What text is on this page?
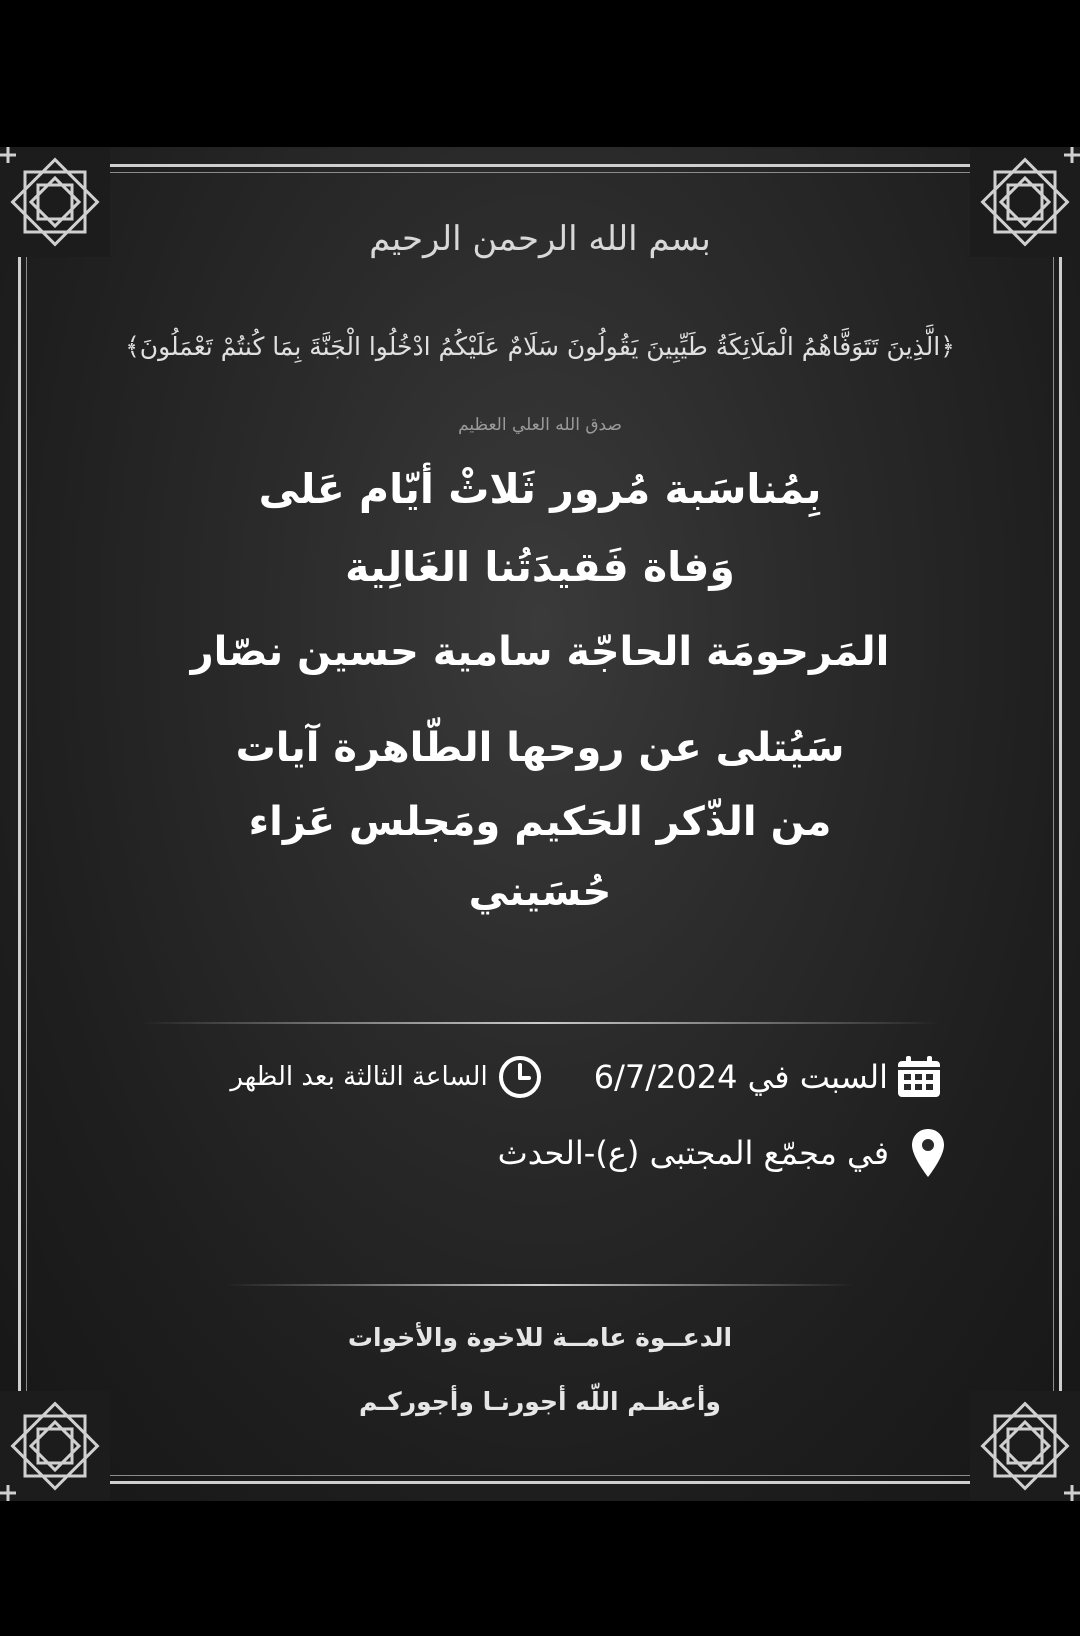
بسم الله الرحمن الرحيم
﴿الَّذِينَ تَتَوَفَّاهُمُ الْمَلَائِكَةُ طَيِّبِينَ يَقُولُونَ سَلَامٌ عَلَيْكُمُ ادْخُلُوا الْجَنَّةَ بِمَا كُنتُمْ تَعْمَلُونَ﴾
صدق الله العلي العظيم
بِمُناسَبة مُرور ثَلاثْ أيّام عَلى
وَفاة فَقيدَتُنا الغَالِية
المَرحومَة الحاجّة سامية حسين نصّار
سَيُتلى عن روحها الطّاهرة آيات
من الذّكر الحَكيم ومَجلس عَزاء
حُسَيني
السبت في 6/7/2024
الساعة الثالثة بعد الظهر
في مجمّع المجتبى (ع)-الحدث
الدعــوة عامــة للاخوة والأخوات
وأعظـم اللّه أجورنـا وأجوركـم
